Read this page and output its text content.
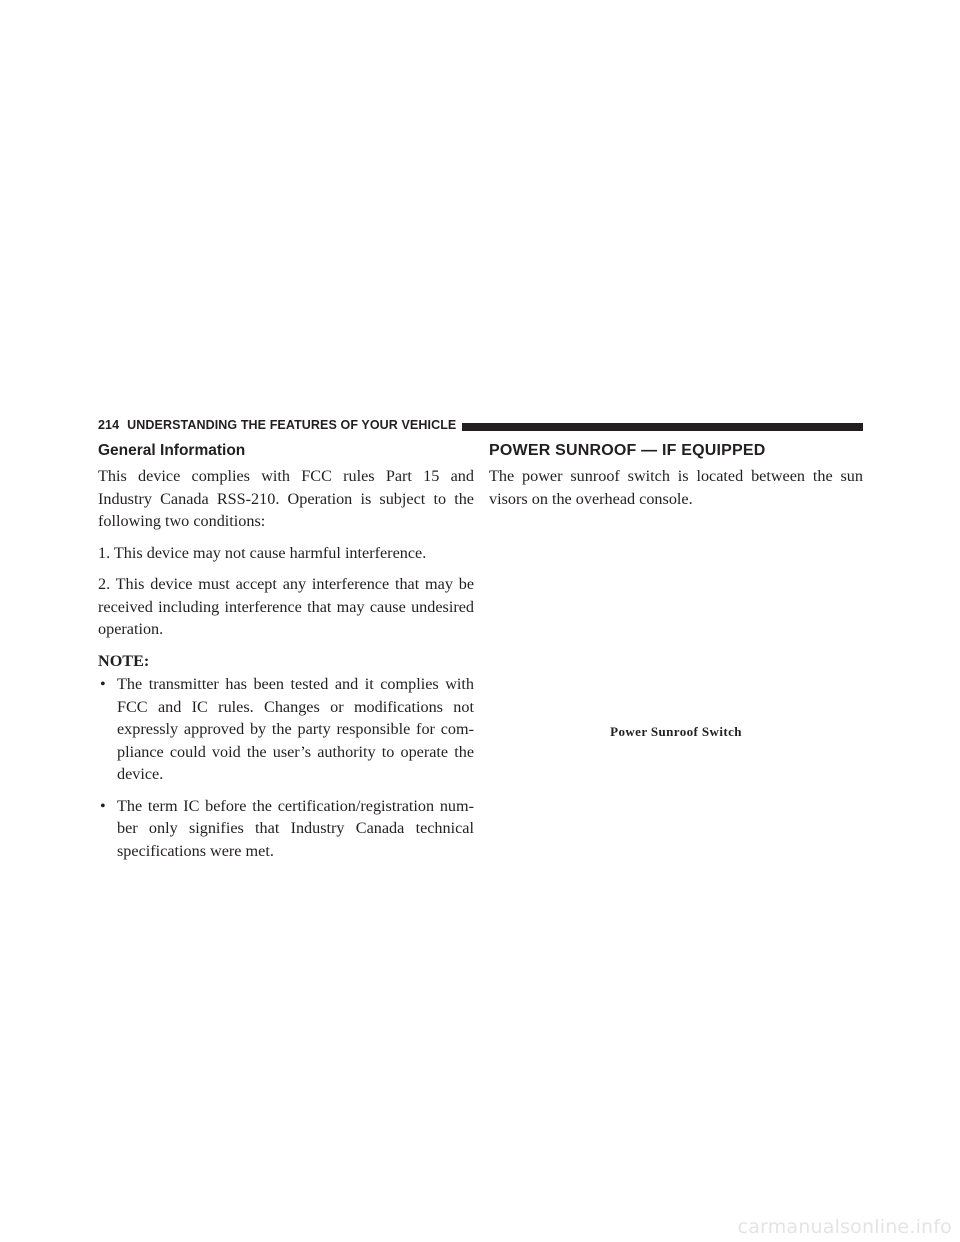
214 UNDERSTANDING THE FEATURES OF YOUR VEHICLE
General Information

This device complies with FCC rules Part 15 and Industry Canada RSS-210. Operation is subject to the following two conditions:

1. This device may not cause harmful interference.

2. This device must accept any interference that may be received including interference that may cause undesired operation.

NOTE:
• The transmitter has been tested and it complies with FCC and IC rules. Changes or modifications not expressly approved by the party responsible for com-pliance could void the user’s authority to operate the device.
• The term IC before the certification/registration num-ber only signifies that Industry Canada technical specifications were met.
POWER SUNROOF — IF EQUIPPED

The power sunroof switch is located between the sun visors on the overhead console.

Power Sunroof Switch
carmanualsonline.info
